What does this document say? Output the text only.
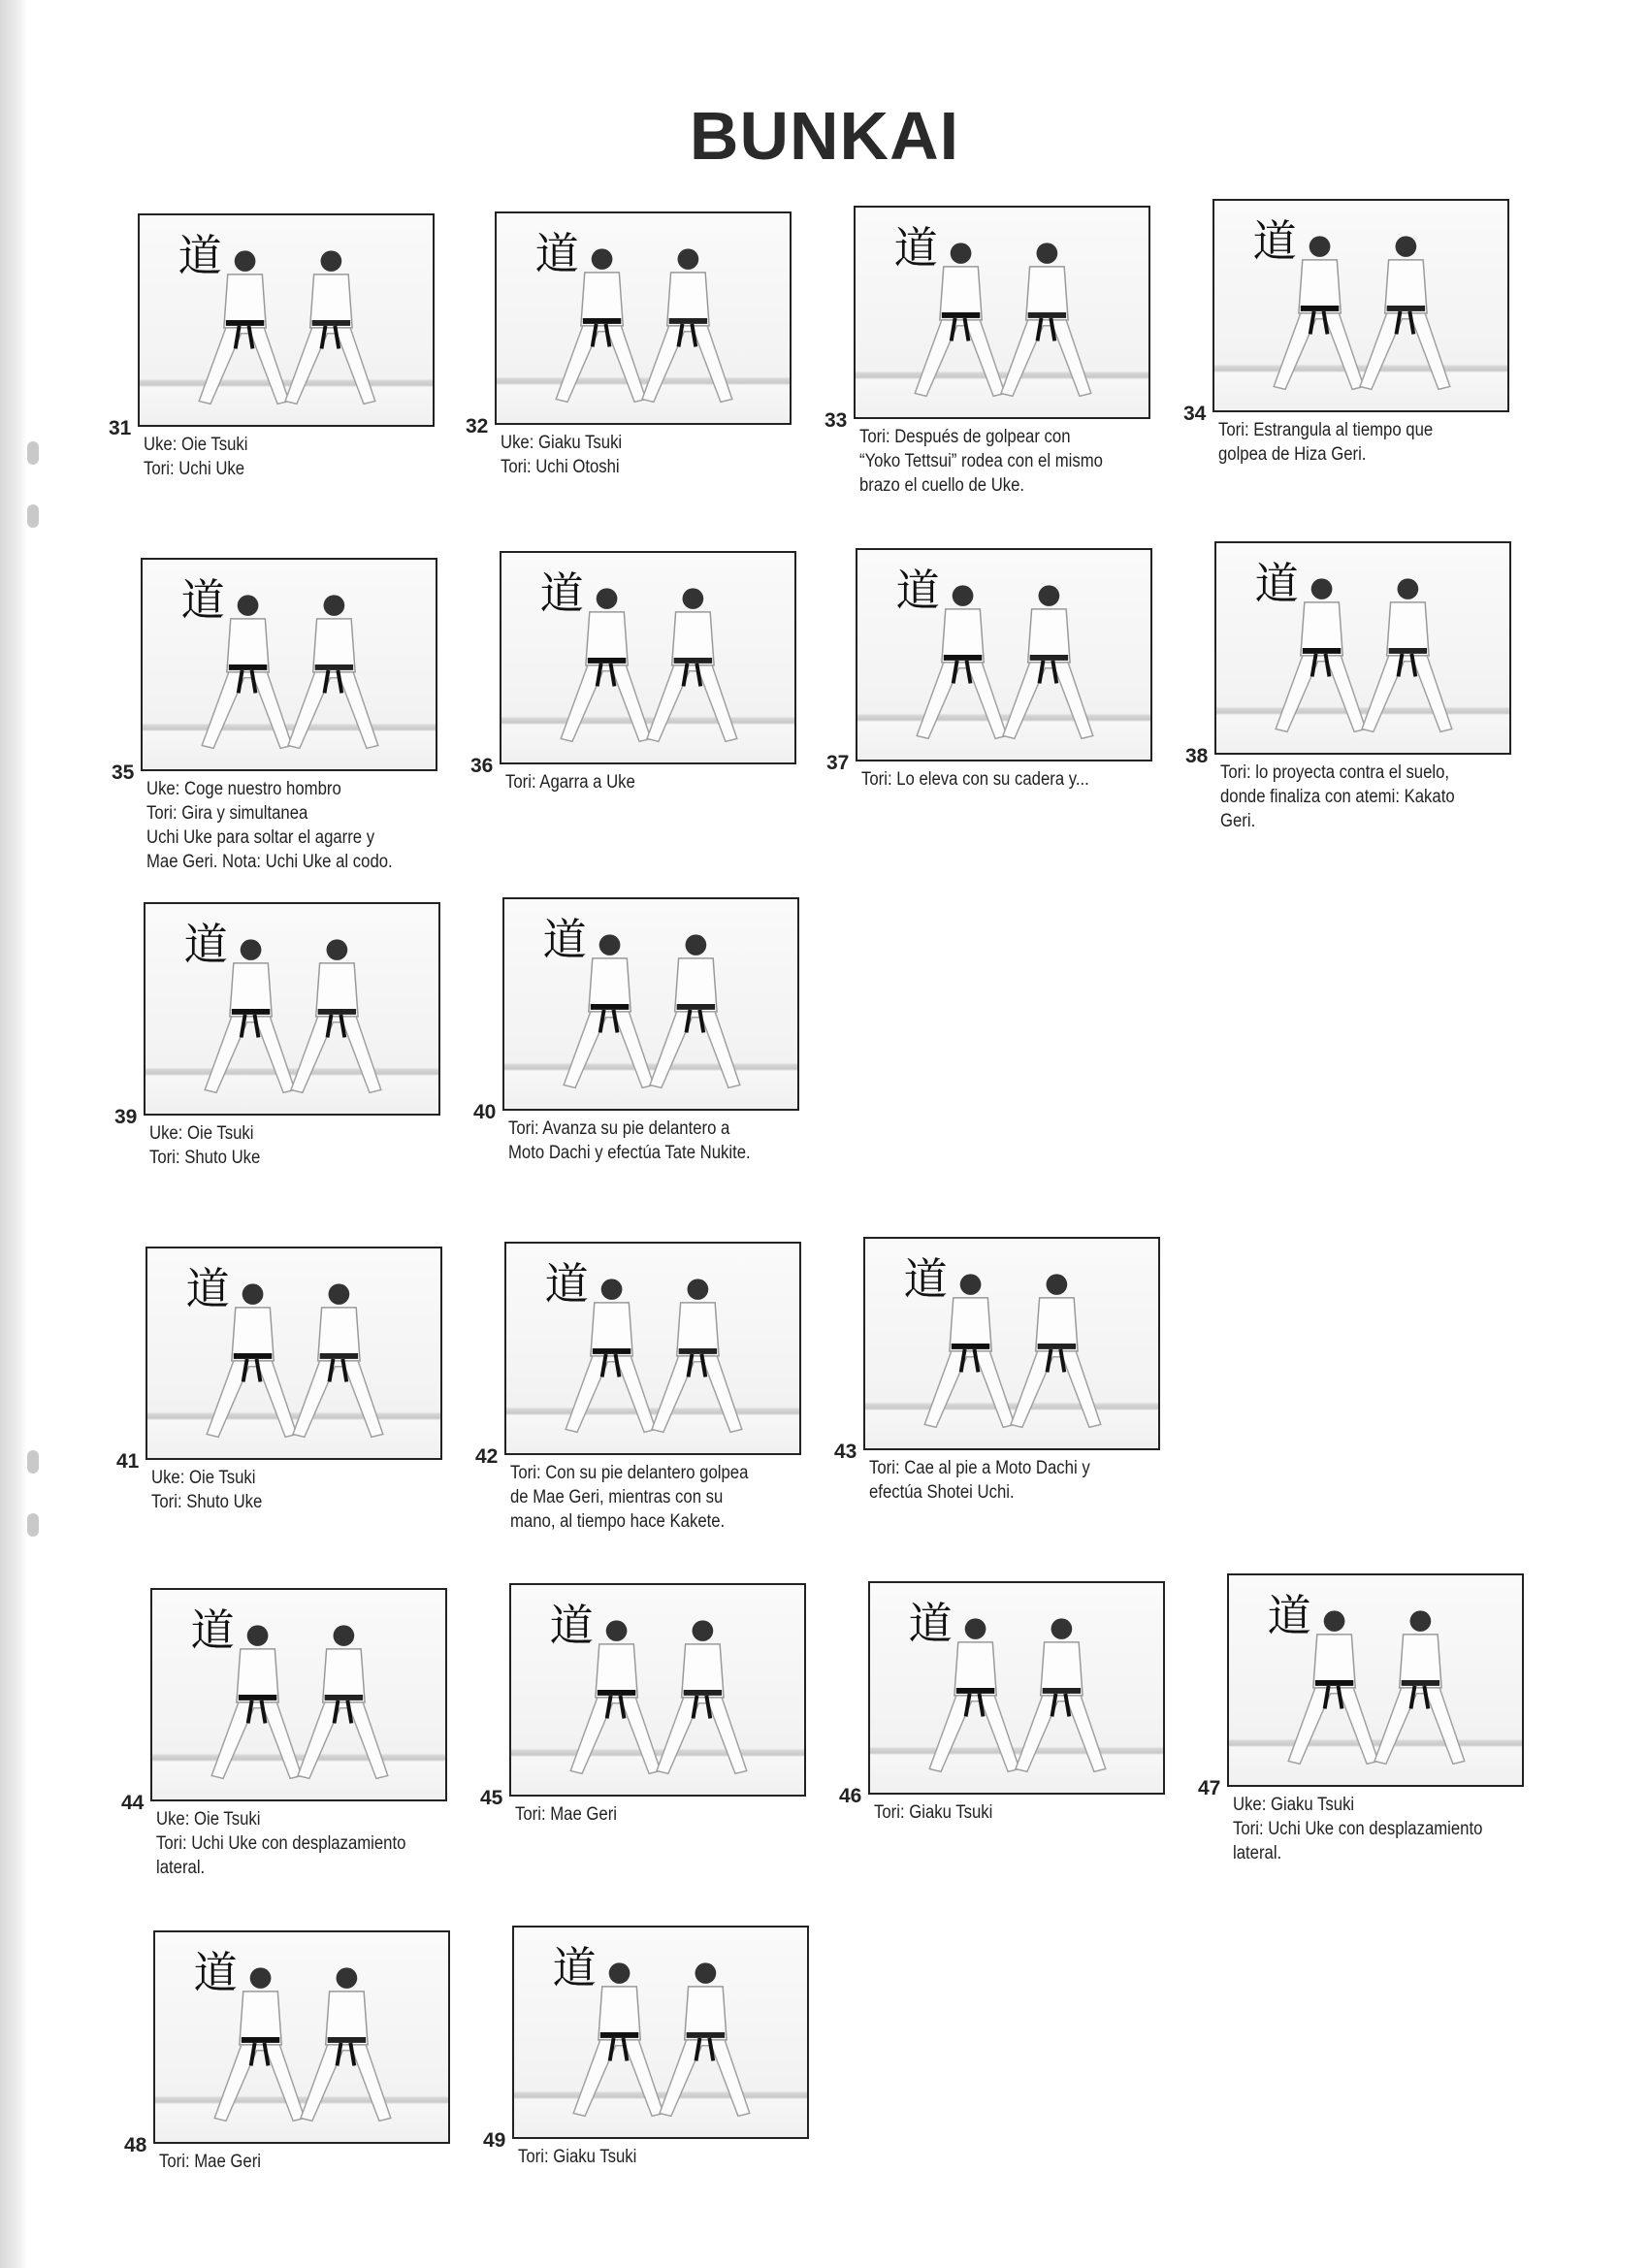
BUNKAI
道
31
Uke: Oie Tsuki
Tori: Uchi Uke
道
32
Uke: Giaku Tsuki
Tori: Uchi Otoshi
道
33
Tori: Después de golpear con
“Yoko Tettsui” rodea con el mismo
brazo el cuello de Uke.
道
34
Tori: Estrangula al tiempo que
golpea de Hiza Geri.
道
35
Uke: Coge nuestro hombro
Tori: Gira y simultanea
Uchi Uke para soltar el agarre y
Mae Geri. Nota: Uchi Uke al codo.
道
36
Tori: Agarra a Uke
道
37
Tori: Lo eleva con su cadera y...
道
38
Tori: lo proyecta contra el suelo,
donde finaliza con atemi: Kakato
Geri.
道
39
Uke: Oie Tsuki
Tori: Shuto Uke
道
40
Tori: Avanza su pie delantero a
Moto Dachi y efectúa Tate Nukite.
道
41
Uke: Oie Tsuki
Tori: Shuto Uke
道
42
Tori: Con su pie delantero golpea
de Mae Geri, mientras con su
mano, al tiempo hace Kakete.
道
43
Tori: Cae al pie a Moto Dachi y
efectúa Shotei Uchi.
道
44
Uke: Oie Tsuki
Tori: Uchi Uke con desplazamiento
lateral.
道
45
Tori: Mae Geri
道
46
Tori: Giaku Tsuki
道
47
Uke: Giaku Tsuki
Tori: Uchi Uke con desplazamiento
lateral.
道
48
Tori: Mae Geri
道
49
Tori: Giaku Tsuki
